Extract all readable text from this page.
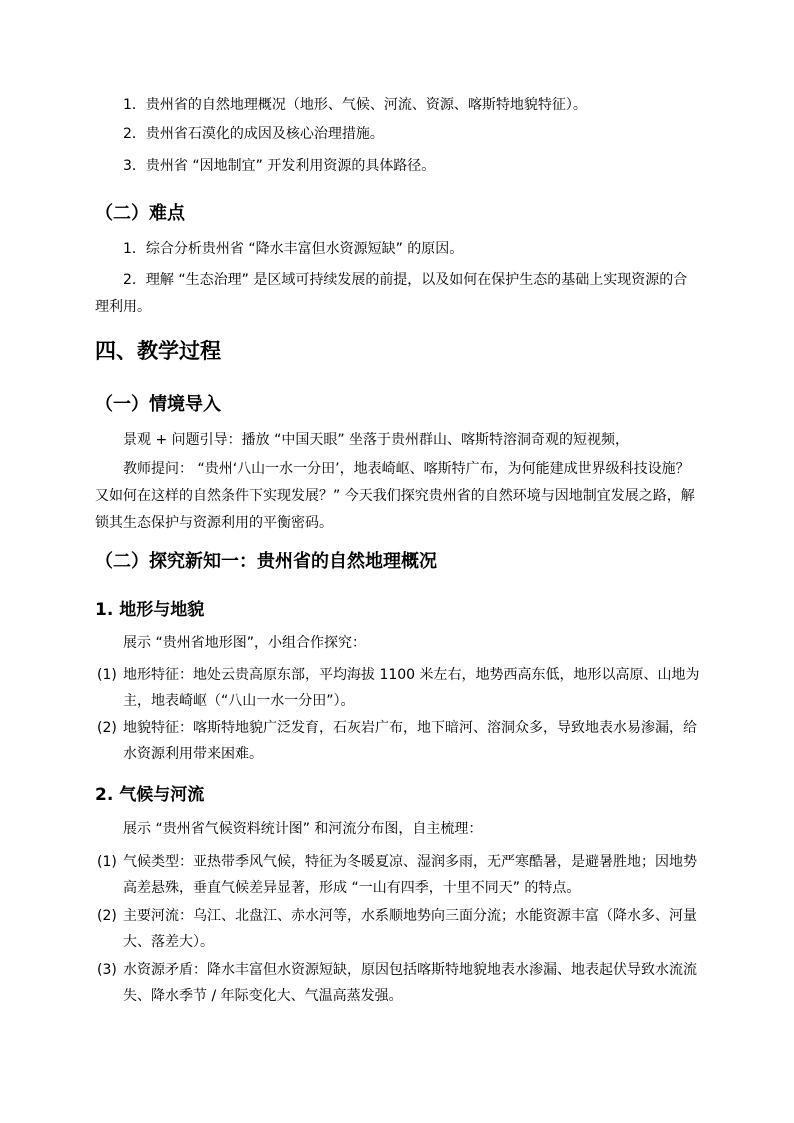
1．贵州省的自然地理概况（地形、气候、河流、资源、喀斯特地貌特征）。

2．贵州省石漠化的成因及核心治理措施。

3．贵州省 “因地制宜” 开发利用资源的具体路径。

（二）难点

1．综合分析贵州省 “降水丰富但水资源短缺” 的原因。

2．理解 “生态治理” 是区域可持续发展的前提，以及如何在保护生态的基础上实现资源的合理利用。

四、教学过程
（一）情境导入

景观 + 问题引导：播放 “中国天眼” 坐落于贵州群山、喀斯特溶洞奇观的短视频，

教师提问： “贵州‘八山一水一分田’，地表崎岖、喀斯特广布，为何能建成世界级科技设施？又如何在这样的自然条件下实现发展？” 今天我们探究贵州省的自然环境与因地制宜发展之路，解锁其生态保护与资源利用的平衡密码。

（二）探究新知一：贵州省的自然地理概况
1. 地形与地貌

展示 “贵州省地形图”，小组合作探究：

(1) 地形特征：地处云贵高原东部，平均海拔 1100 米左右，地势西高东低，地形以高原、山地为主，地表崎岖（“八山一水一分田”）。
(2) 地貌特征：喀斯特地貌广泛发育，石灰岩广布，地下暗河、溶洞众多，导致地表水易渗漏，给水资源利用带来困难。
2. 气候与河流

展示 “贵州省气候资料统计图” 和河流分布图，自主梳理：

(1) 气候类型：亚热带季风气候，特征为冬暖夏凉、湿润多雨，无严寒酷暑，是避暑胜地；因地势高差悬殊，垂直气候差异显著，形成 “一山有四季，十里不同天” 的特点。
(2) 主要河流：乌江、北盘江、赤水河等，水系顺地势向三面分流；水能资源丰富（降水多、河量大、落差大）。
(3) 水资源矛盾：降水丰富但水资源短缺，原因包括喀斯特地貌地表水渗漏、地表起伏导致水流流失、降水季节 / 年际变化大、气温高蒸发强。
